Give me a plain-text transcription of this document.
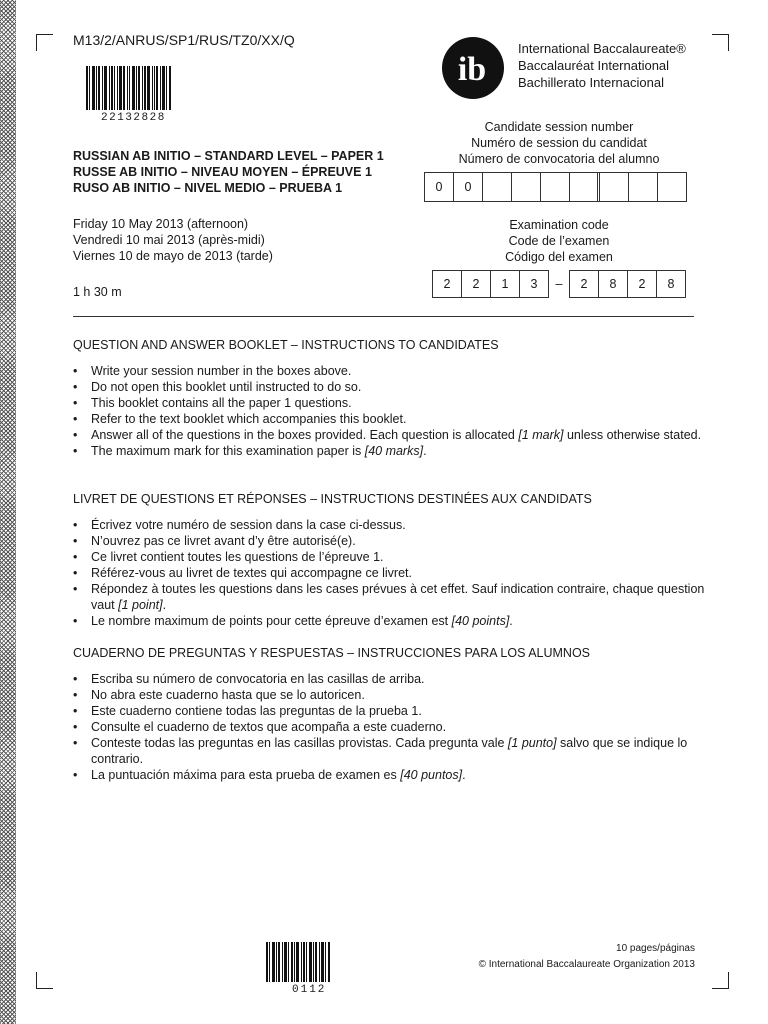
M13/2/ANRUS/SP1/RUS/TZ0/XX/Q
22132828
ib
International Baccalaureate®
Baccalauréat International
Bachillerato Internacional
RUSSIAN AB INITIO – STANDARD LEVEL – PAPER 1
RUSSE AB INITIO – NIVEAU MOYEN – ÉPREUVE 1
RUSO AB INITIO – NIVEL MEDIO – PRUEBA 1
Friday 10 May 2013 (afternoon)
Vendredi 10 mai 2013 (après-midi)
Viernes 10 de mayo de 2013 (tarde)
1 h 30 m
Candidate session number
Numéro de session du candidat
Número de convocatoria del alumno
0	0
Examination code
Code de l’examen
Código del examen
2	2	1	3	–	2	8	2	8
QUESTION AND ANSWER BOOKLET – INSTRUCTIONS TO CANDIDATES
• Write your session number in the boxes above.
• Do not open this booklet until instructed to do so.
• This booklet contains all the paper 1 questions.
• Refer to the text booklet which accompanies this booklet.
• Answer all of the questions in the boxes provided. Each question is allocated [1 mark] unless otherwise stated.
• The maximum mark for this examination paper is [40 marks].
LIVRET DE QUESTIONS ET RÉPONSES – INSTRUCTIONS DESTINÉES AUX CANDIDATS
• Écrivez votre numéro de session dans la case ci-dessus.
• N’ouvrez pas ce livret avant d’y être autorisé(e).
• Ce livret contient toutes les questions de l’épreuve 1.
• Référez-vous au livret de textes qui accompagne ce livret.
• Répondez à toutes les questions dans les cases prévues à cet effet. Sauf indication contraire, chaque question vaut [1 point].
• Le nombre maximum de points pour cette épreuve d’examen est [40 points].
CUADERNO DE PREGUNTAS Y RESPUESTAS – INSTRUCCIONES PARA LOS ALUMNOS
• Escriba su número de convocatoria en las casillas de arriba.
• No abra este cuaderno hasta que se lo autoricen.
• Este cuaderno contiene todas las preguntas de la prueba 1.
• Consulte el cuaderno de textos que acompaña a este cuaderno.
• Conteste todas las preguntas en las casillas provistas. Cada pregunta vale [1 punto] salvo que se indique lo contrario.
• La puntuación máxima para esta prueba de examen es [40 puntos].
0112
10 pages/páginas
© International Baccalaureate Organization 2013
